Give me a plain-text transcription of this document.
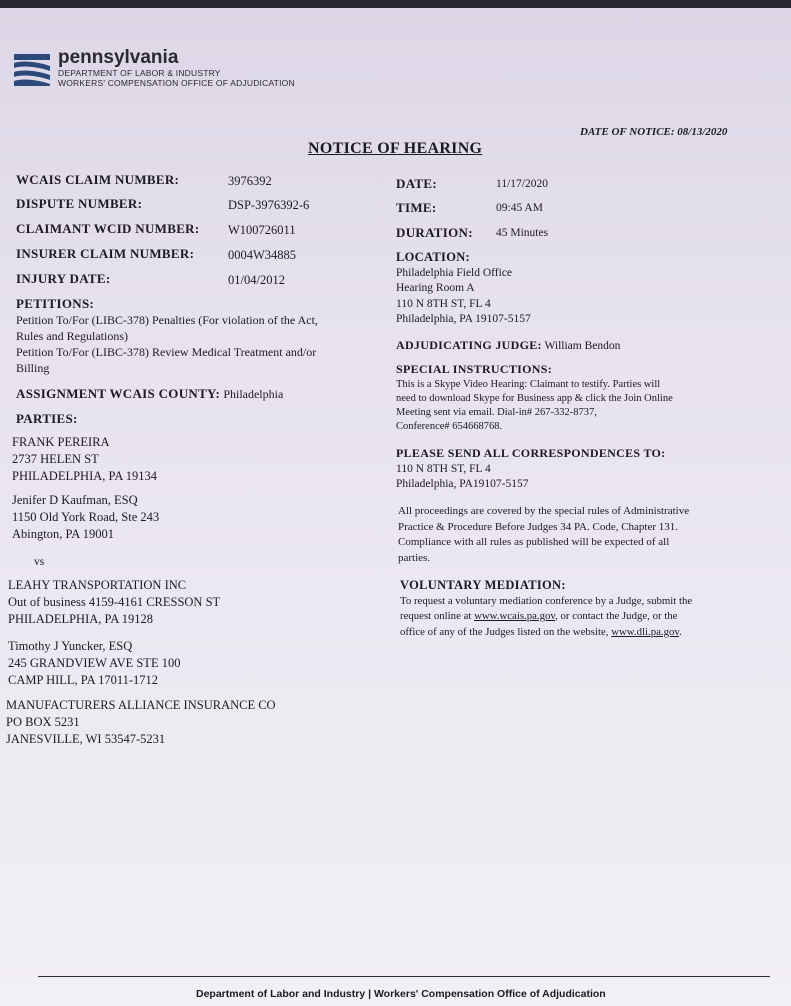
pennsylvania
DEPARTMENT OF LABOR & INDUSTRY
WORKERS' COMPENSATION OFFICE OF ADJUDICATION
DATE OF NOTICE: 08/13/2020
NOTICE OF HEARING
WCAIS CLAIM NUMBER:	3976392
DISPUTE NUMBER:	DSP-3976392-6
CLAIMANT WCID NUMBER: W100726011
INSURER CLAIM NUMBER:	0004W34885
INJURY DATE:	01/04/2012
DATE:	11/17/2020
TIME:	09:45 AM
DURATION: 45 Minutes
PETITIONS:
Petition To/For (LIBC-378) Penalties (For violation of the Act,
Rules and Regulations)
Petition To/For (LIBC-378) Review Medical Treatment and/or
Billing
ASSIGNMENT WCAIS COUNTY: Philadelphia
PARTIES:
FRANK PEREIRA
2737 HELEN ST
PHILADELPHIA, PA 19134
Jenifer D Kaufman, ESQ
1150 Old York Road, Ste 243
Abington, PA 19001
vs
LEAHY TRANSPORTATION INC
Out of business 4159-4161 CRESSON ST
PHILADELPHIA, PA 19128
Timothy J Yuncker, ESQ
245 GRANDVIEW AVE STE 100
CAMP HILL, PA 17011-1712
MANUFACTURERS ALLIANCE INSURANCE CO
PO BOX 5231
JANESVILLE, WI 53547-5231
LOCATION:
Philadelphia Field Office
Hearing Room A
110 N 8TH ST, FL 4
Philadelphia, PA 19107-5157
ADJUDICATING JUDGE: William Bendon
SPECIAL INSTRUCTIONS:
This is a Skype Video Hearing: Claimant to testify. Parties will
need to download Skype for Business app & click the Join Online
Meeting sent via email. Dial-in# 267-332-8737,
Conference# 654668768.
PLEASE SEND ALL CORRESPONDENCES TO:
110 N 8TH ST, FL 4
Philadelphia, PA19107-5157
All proceedings are covered by the special rules of Administrative
Practice & Procedure Before Judges 34 PA. Code, Chapter 131.
Compliance with all rules as published will be expected of all
parties.
VOLUNTARY MEDIATION:
To request a voluntary mediation conference by a Judge, submit the
request online at www.wcais.pa.gov, or contact the Judge, or the
office of any of the Judges listed on the website, www.dli.pa.gov.
Department of Labor and Industry | Workers' Compensation Office of Adjudication
